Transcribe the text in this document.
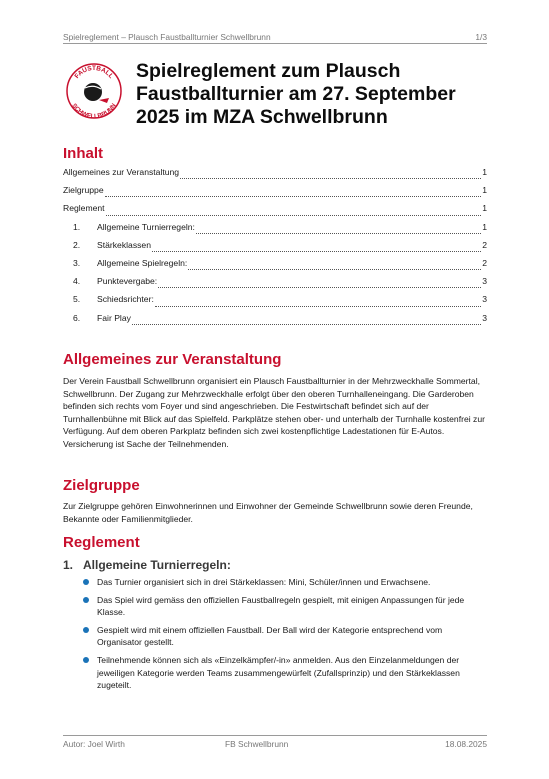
Spielreglement – Plausch Faustballturnier Schwellbrunn	1/3
FAUSTBALL
SCHWELLBRUNN
Spielreglement zum Plausch
Faustballturnier am 27. September
2025 im MZA Schwellbrunn
Inhalt
Allgemeines zur Veranstaltung	1
Zielgruppe	1
Reglement	1
1.	Allgemeine Turnierregeln:	1
2.	Stärkeklassen	2
3.	Allgemeine Spielregeln:	2
4.	Punktevergabe:	3
5.	Schiedsrichter:	3
6.	Fair Play	3
Allgemeines zur Veranstaltung
Der Verein Faustball Schwellbrunn organisiert ein Plausch Faustballturnier in der Mehrzweckhalle Sommertal, Schwellbrunn. Der Zugang zur Mehrzweckhalle erfolgt über den oberen Turnhalleneingang. Die Garderoben befinden sich rechts vom Foyer und sind angeschrieben. Die Festwirtschaft befindet sich auf der Turnhallenbühne mit Blick auf das Spielfeld. Parkplätze stehen ober- und unterhalb der Turnhalle kostenfrei zur Verfügung. Auf dem oberen Parkplatz befinden sich zwei kostenpflichtige Ladestationen für E-Autos. Versicherung ist Sache der Teilnehmenden.
Zielgruppe
Zur Zielgruppe gehören Einwohnerinnen und Einwohner der Gemeinde Schwellbrunn sowie deren Freunde, Bekannte oder Familienmitglieder.
Reglement
1. Allgemeine Turnierregeln:
Das Turnier organisiert sich in drei Stärkeklassen: Mini, Schüler/innen und Erwachsene.
Das Spiel wird gemäss den offiziellen Faustballregeln gespielt, mit einigen Anpassungen für jede Klasse.
Gespielt wird mit einem offiziellen Faustball. Der Ball wird der Kategorie entsprechend vom Organisator gestellt.
Teilnehmende können sich als «Einzelkämpfer/-in» anmelden. Aus den Einzelanmeldungen der jeweiligen Kategorie werden Teams zusammengewürfelt (Zufallsprinzip) und den Stärkeklassen zugeteilt.
Autor: Joel Wirth	FB Schwellbrunn	18.08.2025
